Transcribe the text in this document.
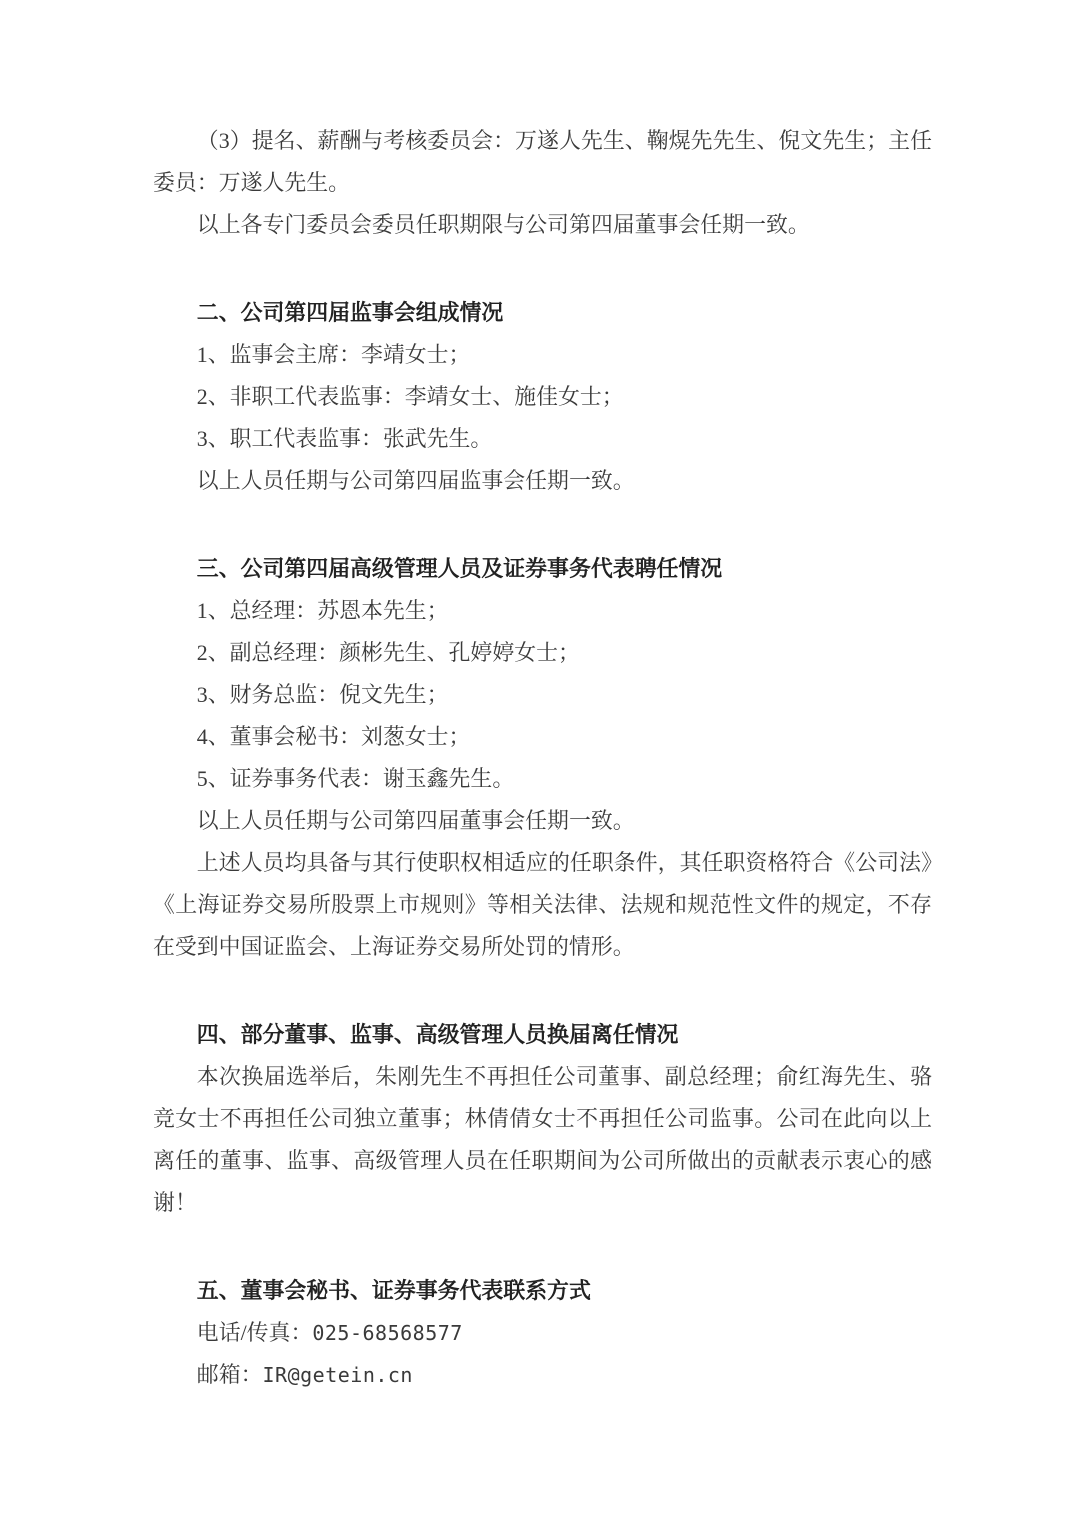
（3）提名、薪酬与考核委员会：万遂人先生、鞠熀先先生、倪文先生；主任委员：万遂人先生。

以上各专门委员会委员任职期限与公司第四届董事会任期一致。

二、公司第四届监事会组成情况

1、监事会主席：李靖女士；

2、非职工代表监事：李靖女士、施佳女士；

3、职工代表监事：张武先生。

以上人员任期与公司第四届监事会任期一致。

三、公司第四届高级管理人员及证券事务代表聘任情况

1、总经理：苏恩本先生；

2、副总经理：颜彬先生、孔婷婷女士；

3、财务总监：倪文先生；

4、董事会秘书：刘葱女士；

5、证券事务代表：谢玉鑫先生。

以上人员任期与公司第四届董事会任期一致。

上述人员均具备与其行使职权相适应的任职条件，其任职资格符合《公司法》《上海证券交易所股票上市规则》等相关法律、法规和规范性文件的规定，不存在受到中国证监会、上海证券交易所处罚的情形。

四、部分董事、监事、高级管理人员换届离任情况

本次换届选举后，朱刚先生不再担任公司董事、副总经理；俞红海先生、骆竞女士不再担任公司独立董事；林倩倩女士不再担任公司监事。公司在此向以上离任的董事、监事、高级管理人员在任职期间为公司所做出的贡献表示衷心的感谢！

五、董事会秘书、证券事务代表联系方式

电话/传真：025-68568577

邮箱：IR@getein.cn
